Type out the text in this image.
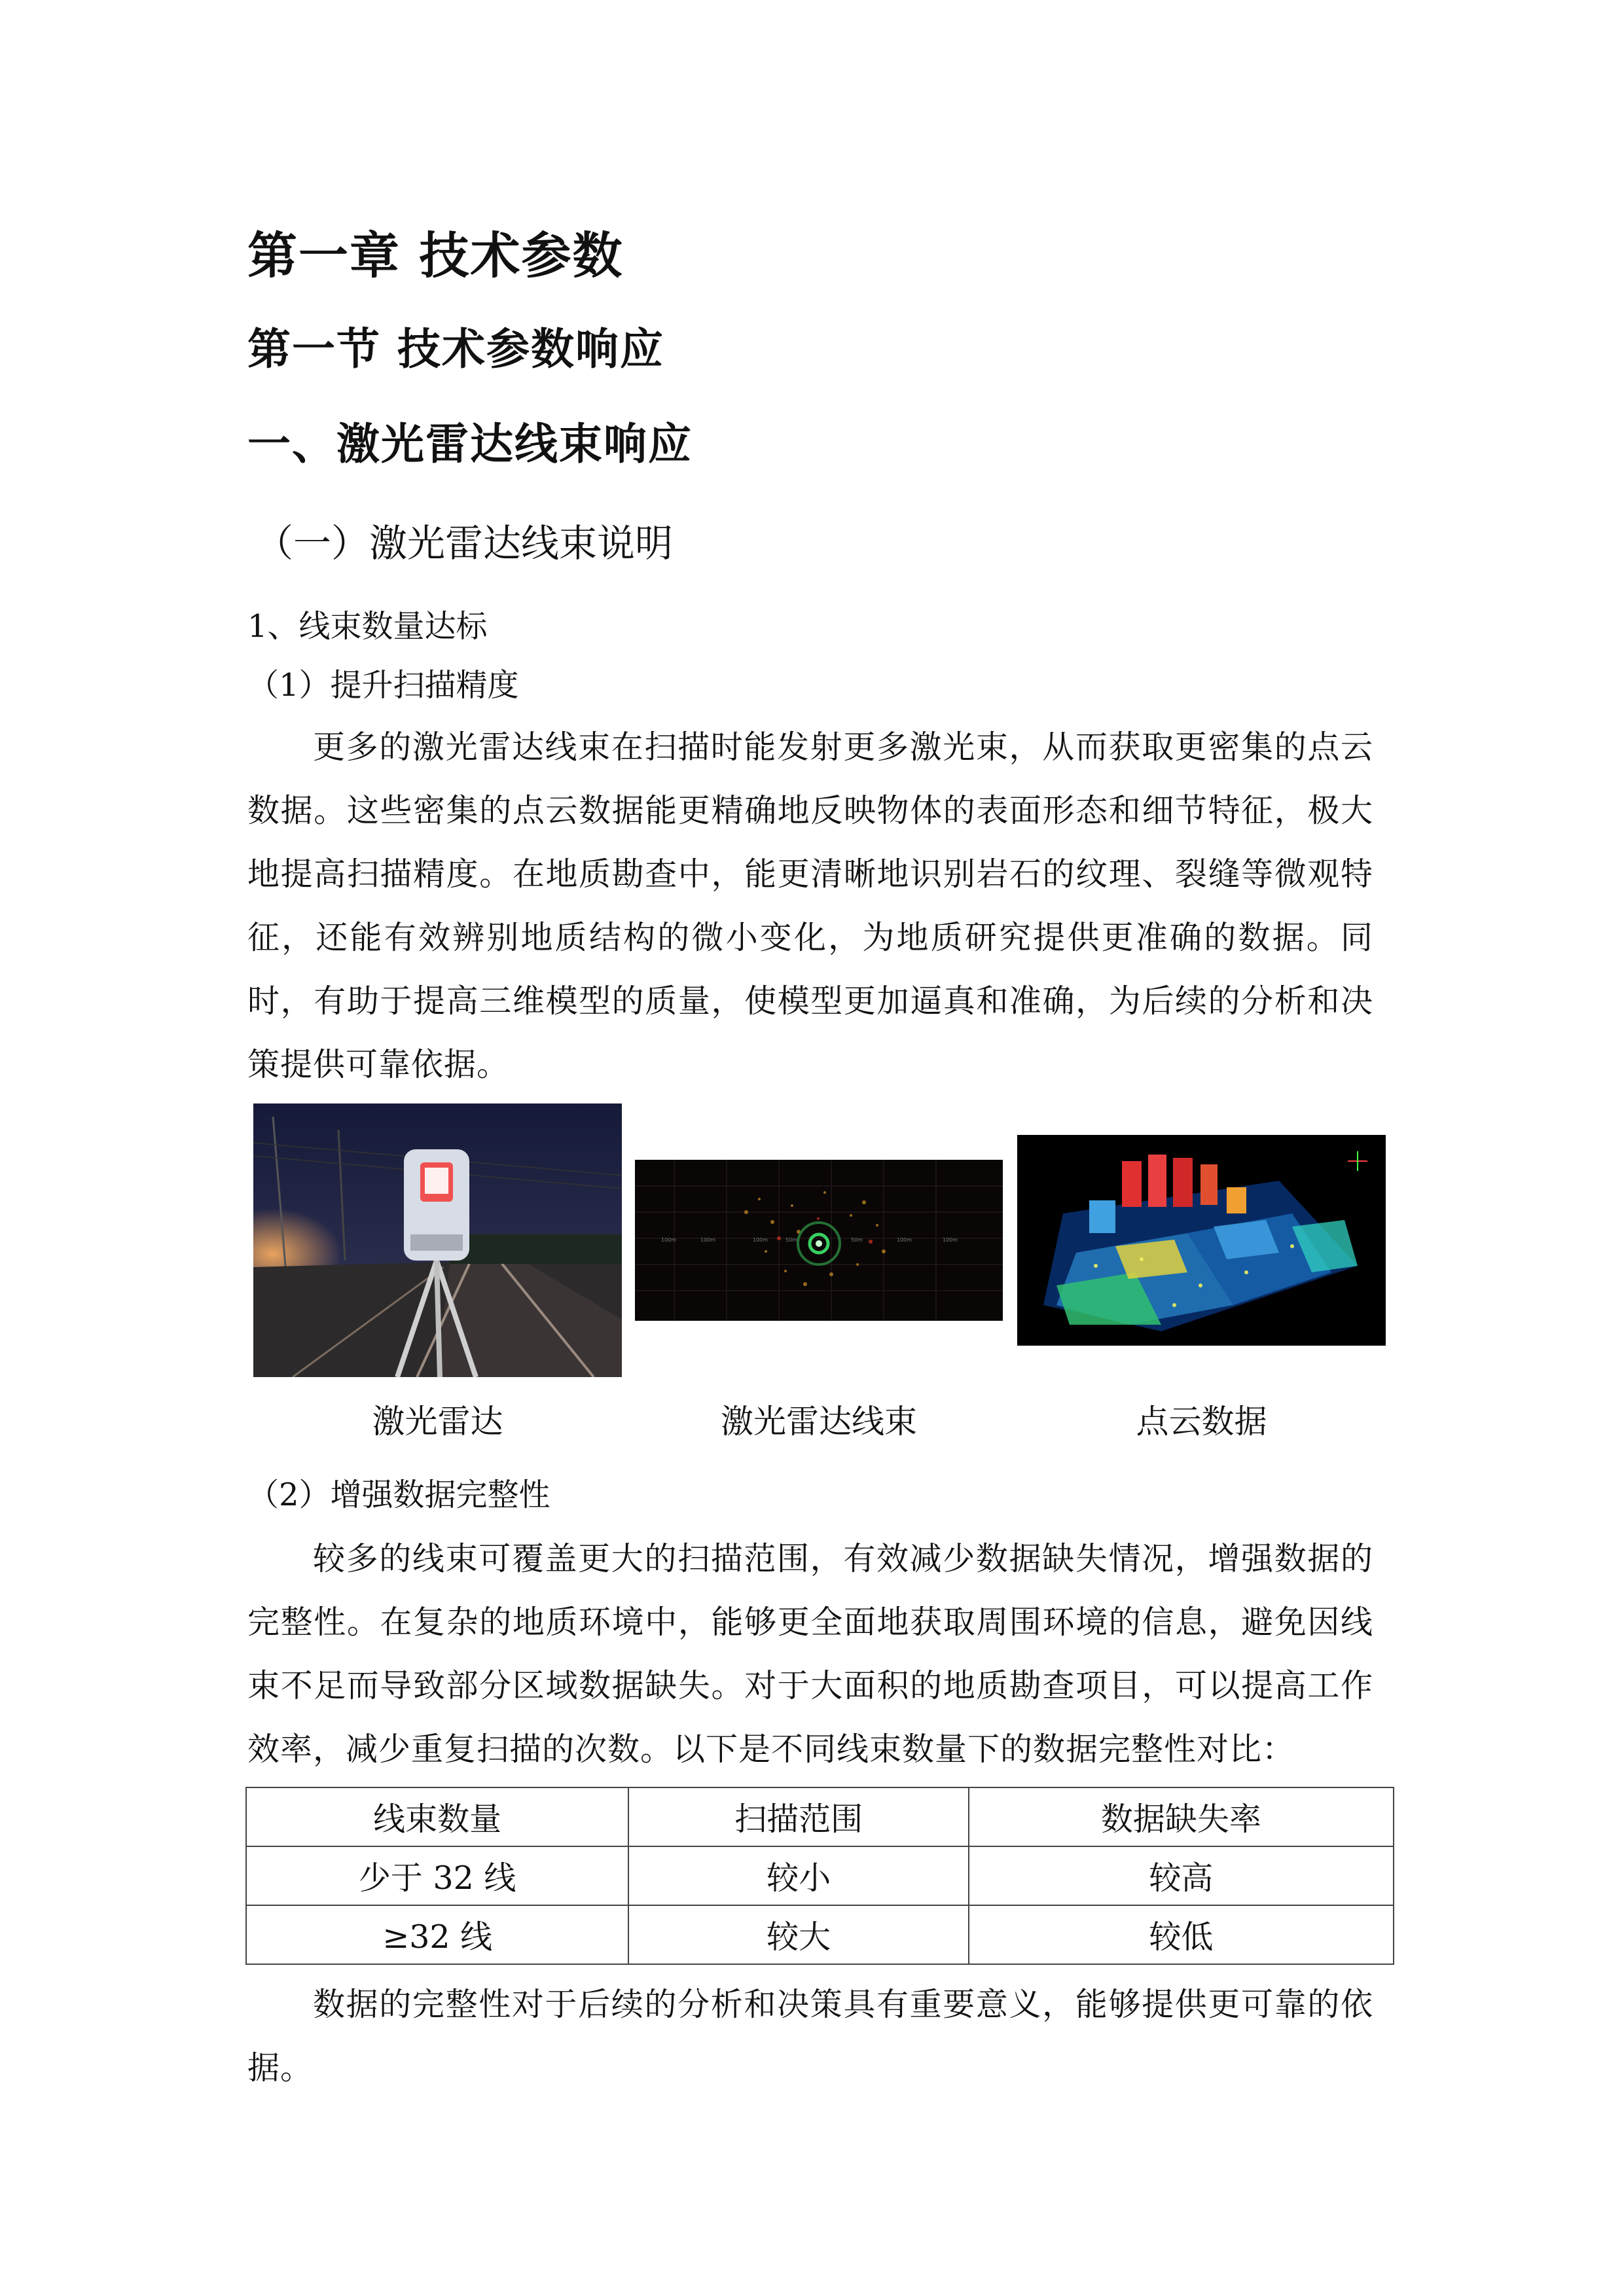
第一章 技术参数
第一节 技术参数响应
一、激光雷达线束响应
（一）激光雷达线束说明
1、线束数量达标
（1）提升扫描精度
更多的激光雷达线束在扫描时能发射更多激光束，从而获取更密集的点云数据。这些密集的点云数据能更精确地反映物体的表面形态和细节特征，极大地提高扫描精度。在地质勘查中，能更清晰地识别岩石的纹理、裂缝等微观特征，还能有效辨别地质结构的微小变化，为地质研究提供更准确的数据。同时，有助于提高三维模型的质量，使模型更加逼真和准确，为后续的分析和决策提供可靠依据。
100m	100m	100m	50m	50m	100m	100m
激光雷达	激光雷达线束	点云数据
（2）增强数据完整性
较多的线束可覆盖更大的扫描范围，有效减少数据缺失情况，增强数据的完整性。在复杂的地质环境中，能够更全面地获取周围环境的信息，避免因线束不足而导致部分区域数据缺失。对于大面积的地质勘查项目，可以提高工作效率，减少重复扫描的次数。以下是不同线束数量下的数据完整性对比：
线束数量	扫描范围	数据缺失率
少于 32 线	较小	较高
≥32 线	较大	较低
数据的完整性对于后续的分析和决策具有重要意义，能够提供更可靠的依据。
